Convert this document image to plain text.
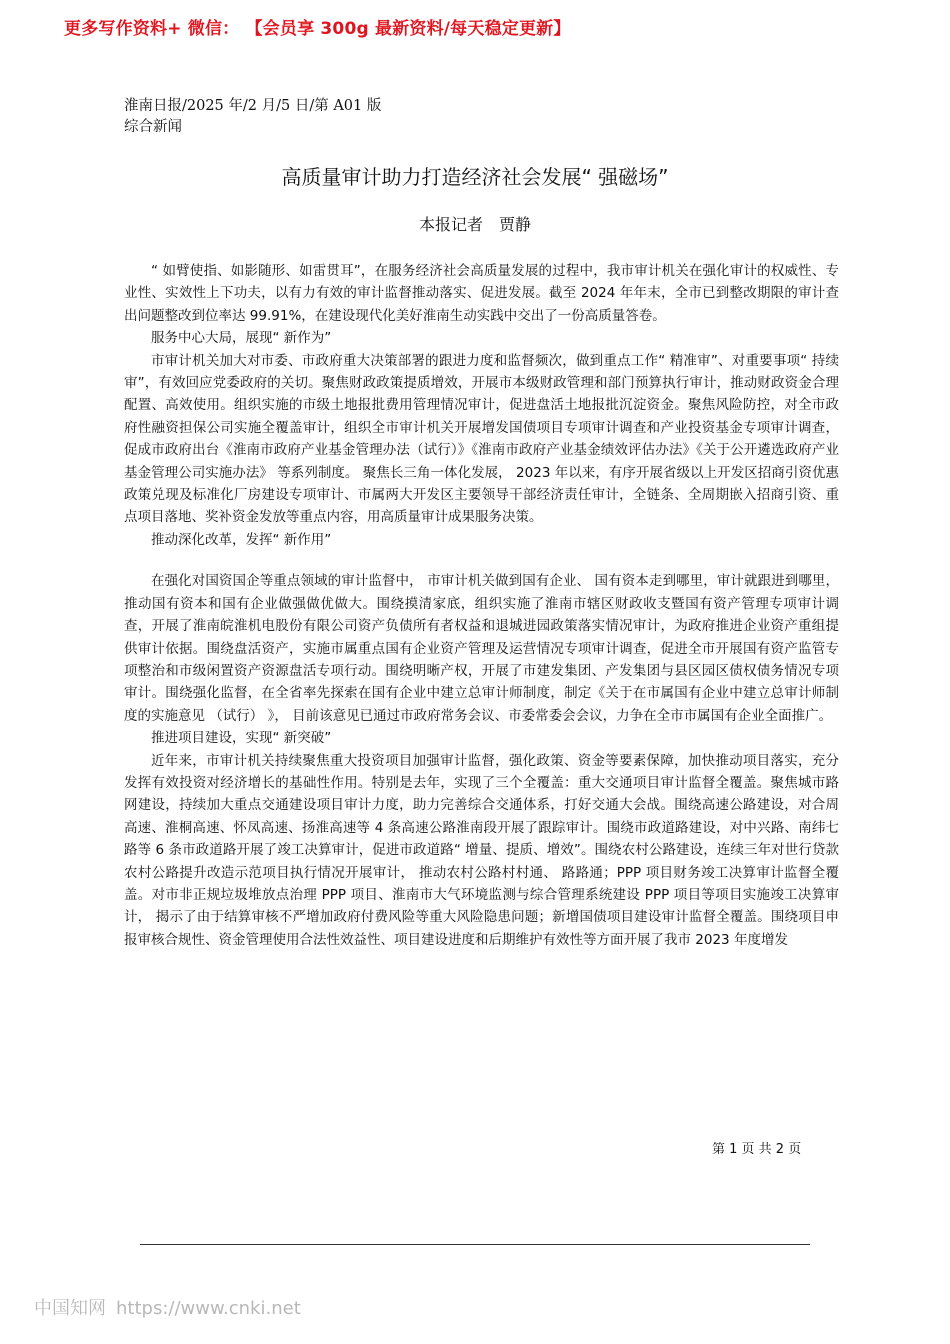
更多写作资料+ 微信： 【会员享 300g 最新资料/每天稳定更新】
淮南日报/2025 年/2 月/5 日/第 A01 版综合新闻
高质量审计助力打造经济社会发展“ 强磁场”
本报记者　贾静

“ 如臂使指、如影随形、如雷贯耳”，在服务经济社会高质量发展的过程中，我市审计机关在强化审计的权威性、专业性、实效性上下功夫，以有力有效的审计监督推动落实、促进发展。截至 2024 年年末，全市已到整改期限的审计查出问题整改到位率达 99.91%，在建设现代化美好淮南生动实践中交出了一份高质量答卷。

服务中心大局，展现“ 新作为”

市审计机关加大对市委、市政府重大决策部署的跟进力度和监督频次，做到重点工作“ 精准审”、对重要事项“ 持续审”，有效回应党委政府的关切。聚焦财政政策提质增效，开展市本级财政管理和部门预算执行审计，推动财政资金合理配置、高效使用。组织实施的市级土地报批费用管理情况审计，促进盘活土地报批沉淀资金。聚焦风险防控，对全市政府性融资担保公司实施全覆盖审计，组织全市审计机关开展增发国债项目专项审计调查和产业投资基金专项审计调查，促成市政府出台《淮南市政府产业基金管理办法（试行）》《淮南市政府产业基金绩效评估办法》《关于公开遴选政府产业基金管理公司实施办法》 等系列制度。 聚焦长三角一体化发展， 2023 年以来，有序开展省级以上开发区招商引资优惠政策兑现及标准化厂房建设专项审计、市属两大开发区主要领导干部经济责任审计，全链条、全周期嵌入招商引资、重点项目落地、奖补资金发放等重点内容，用高质量审计成果服务决策。

推动深化改革，发挥“ 新作用”

在强化对国资国企等重点领域的审计监督中， 市审计机关做到国有企业、 国有资本走到哪里，审计就跟进到哪里，推动国有资本和国有企业做强做优做大。围绕摸清家底，组织实施了淮南市辖区财政收支暨国有资产管理专项审计调查，开展了淮南皖淮机电股份有限公司资产负债所有者权益和退城进园政策落实情况审计，为政府推进企业资产重组提供审计依据。围绕盘活资产，实施市属重点国有企业资产管理及运营情况专项审计调查，促进全市开展国有资产监管专项整治和市级闲置资产资源盘活专项行动。围绕明晰产权，开展了市建发集团、产发集团与县区园区债权债务情况专项审计。围绕强化监督，在全省率先探索在国有企业中建立总审计师制度，制定《关于在市属国有企业中建立总审计师制度的实施意见 （试行） 》， 目前该意见已通过市政府常务会议、市委常委会会议，力争在全市市属国有企业全面推广。

推进项目建设，实现“ 新突破”

近年来，市审计机关持续聚焦重大投资项目加强审计监督，强化政策、资金等要素保障，加快推动项目落实，充分发挥有效投资对经济增长的基础性作用。特别是去年，实现了三个全覆盖：重大交通项目审计监督全覆盖。聚焦城市路网建设，持续加大重点交通建设项目审计力度，助力完善综合交通体系，打好交通大会战。围绕高速公路建设，对合周高速、淮桐高速、怀凤高速、扬淮高速等 4 条高速公路淮南段开展了跟踪审计。围绕市政道路建设，对中兴路、南纬七路等 6 条市政道路开展了竣工决算审计，促进市政道路“ 增量、提质、增效”。围绕农村公路建设，连续三年对世行贷款农村公路提升改造示范项目执行情况开展审计， 推动农村公路村村通、 路路通；PPP 项目财务竣工决算审计监督全覆盖。对市非正规垃圾堆放点治理 PPP 项目、淮南市大气环境监测与综合管理系统建设 PPP 项目等项目实施竣工决算审计， 揭示了由于结算审核不严增加政府付费风险等重大风险隐患问题；新增国债项目建设审计监督全覆盖。围绕项目申报审核合规性、资金管理使用合法性效益性、项目建设进度和后期维护有效性等方面开展了我市 2023 年度增发

第 1 页 共 2 页
中国知网 https://www.cnki.net
